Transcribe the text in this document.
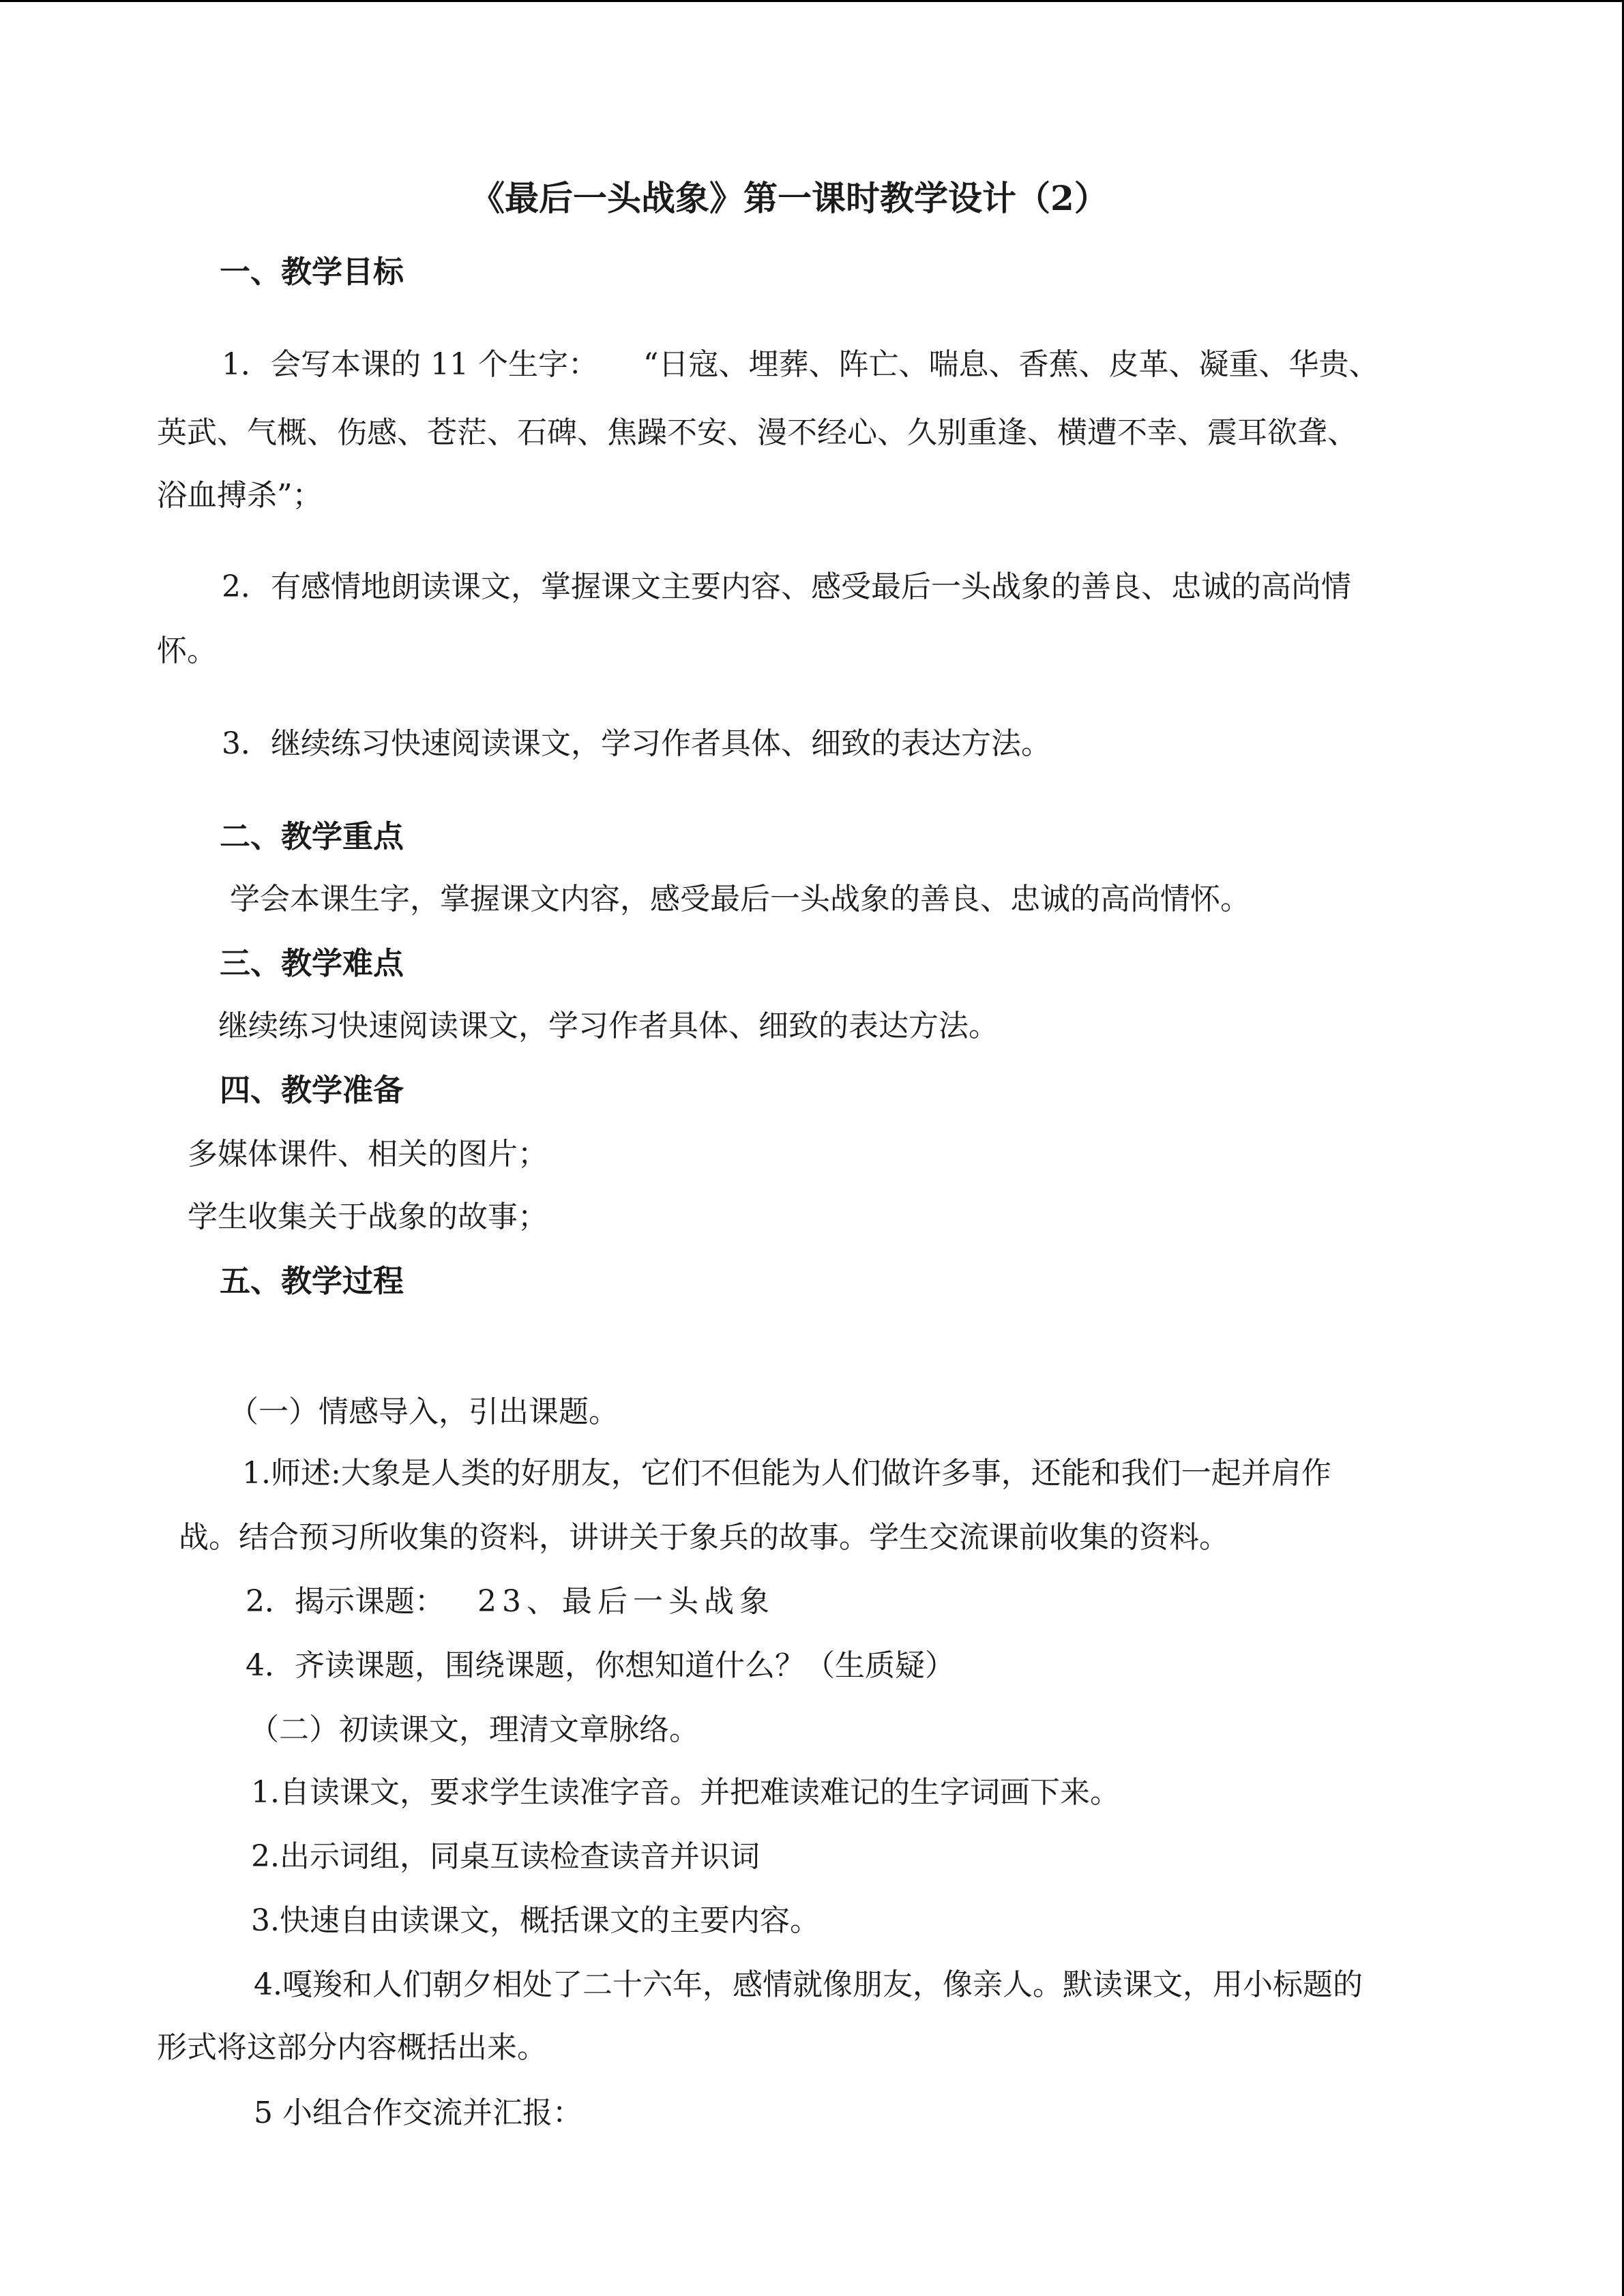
《最后一头战象》第一课时教学设计（2）
一、教学目标
1．会写本课的 11 个生字：　　“日寇、埋葬、阵亡、喘息、香蕉、皮革、凝重、华贵、
英武、气概、伤感、苍茫、石碑、焦躁不安、漫不经心、久别重逢、横遭不幸、震耳欲聋、
浴血搏杀”；
2．有感情地朗读课文，掌握课文主要内容、感受最后一头战象的善良、忠诚的高尚情
怀。
3．继续练习快速阅读课文，学习作者具体、细致的表达方法。
二、教学重点
学会本课生字，掌握课文内容，感受最后一头战象的善良、忠诚的高尚情怀。
三、教学难点
继续练习快速阅读课文，学习作者具体、细致的表达方法。
四、教学准备
多媒体课件、相关的图片；
学生收集关于战象的故事；
五、教学过程
（一）情感导入，引出课题。
1.师述:大象是人类的好朋友，它们不但能为人们做许多事，还能和我们一起并肩作
战。结合预习所收集的资料，讲讲关于象兵的故事。学生交流课前收集的资料。
2．揭示课题： 23、最后一头战象
4．齐读课题，围绕课题，你想知道什么？（生质疑）
（二）初读课文，理清文章脉络。
1.自读课文，要求学生读准字音。并把难读难记的生字词画下来。
2.出示词组，同桌互读检查读音并识词
3.快速自由读课文，概括课文的主要内容。
4.嘎羧和人们朝夕相处了二十六年，感情就像朋友，像亲人。默读课文，用小标题的
形式将这部分内容概括出来。
5 小组合作交流并汇报：
